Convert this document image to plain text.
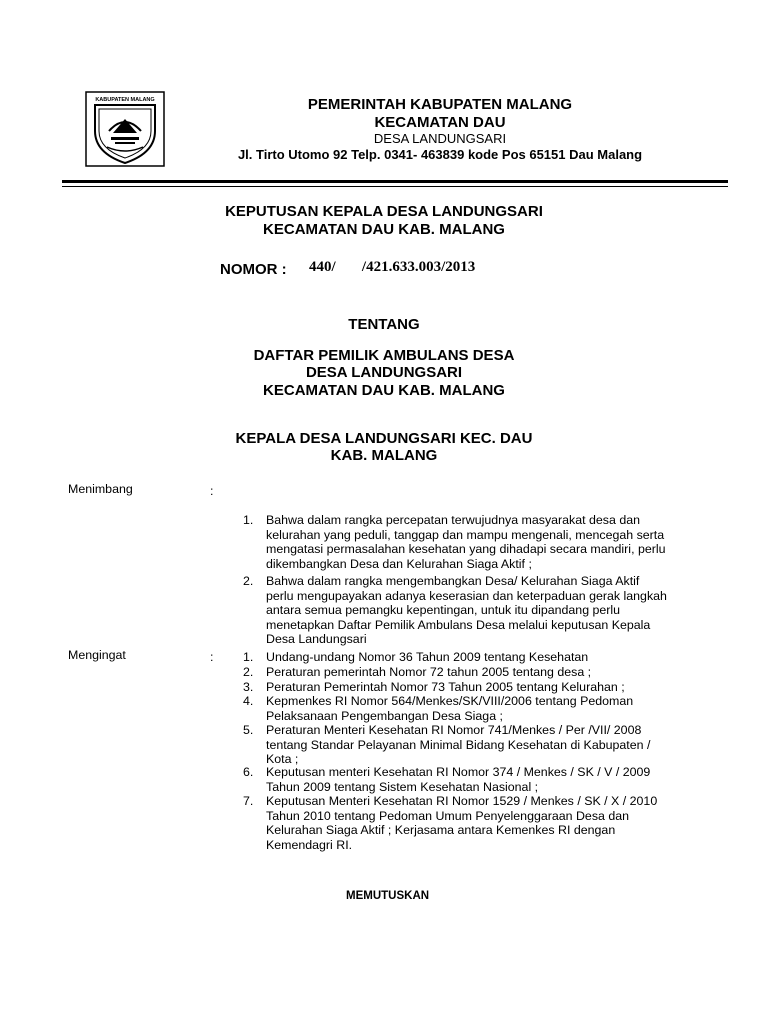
KABUPATEN MALANG	PEMERINTAH KABUPATEN MALANG
KECAMATAN DAU
DESA LANDUNGSARI
Jl. Tirto Utomo 92 Telp. 0341- 463839 kode Pos 65151 Dau Malang
KEPUTUSAN KEPALA DESA LANDUNGSARI
KECAMATAN DAU KAB. MALANG
NOMOR : 440/       /421.633.003/2013
TENTANG
DAFTAR PEMILIK AMBULANS DESA
DESA LANDUNGSARI
KECAMATAN DAU KAB. MALANG
KEPALA DESA LANDUNGSARI KEC. DAU
KAB. MALANG
Menimbang	:
1. Bahwa dalam rangka percepatan terwujudnya masyarakat desa dan
kelurahan yang peduli, tanggap dan mampu mengenali, mencegah serta
mengatasi permasalahan kesehatan yang dihadapi secara mandiri, perlu
dikembangkan Desa dan Kelurahan Siaga Aktif ;
2. Bahwa dalam rangka mengembangkan Desa/ Kelurahan Siaga Aktif
perlu mengupayakan adanya keserasian dan keterpaduan gerak langkah
antara semua pemangku kepentingan, untuk itu dipandang perlu
menetapkan Daftar Pemilik Ambulans Desa melalui keputusan Kepala
Desa Landungsari
Mengingat	: 1. Undang-undang Nomor 36 Tahun 2009 tentang Kesehatan
2. Peraturan pemerintah Nomor 72 tahun 2005 tentang desa ;
3. Peraturan Pemerintah Nomor 73 Tahun 2005 tentang Kelurahan ;
4. Kepmenkes RI Nomor 564/Menkes/SK/VIII/2006 tentang Pedoman
Pelaksanaan Pengembangan Desa Siaga ;
5. Peraturan Menteri Kesehatan RI Nomor 741/Menkes / Per /VII/ 2008
tentang Standar Pelayanan Minimal Bidang Kesehatan di Kabupaten /
Kota ;
6. Keputusan menteri Kesehatan RI Nomor 374 / Menkes / SK / V / 2009
Tahun 2009 tentang Sistem Kesehatan Nasional ;
7. Keputusan Menteri Kesehatan RI Nomor 1529 / Menkes / SK / X / 2010
Tahun 2010 tentang Pedoman Umum Penyelenggaraan Desa dan
Kelurahan Siaga Aktif ; Kerjasama antara Kemenkes RI dengan
Kemendagri RI.
MEMUTUSKAN
